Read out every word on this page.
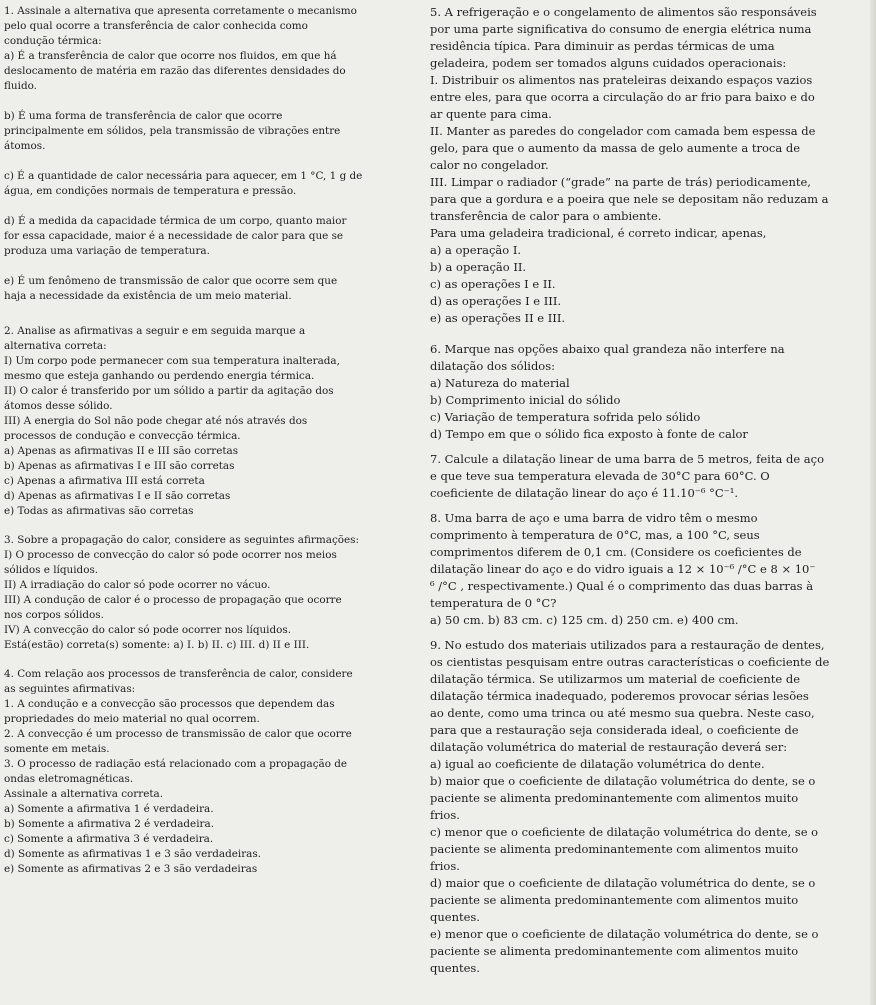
1. Assinale a alternativa que apresenta corretamente o mecanismo
pelo qual ocorre a transferência de calor conhecida como
condução térmica:
a) É a transferência de calor que ocorre nos fluidos, em que há
deslocamento de matéria em razão das diferentes densidades do
fluido.

b) É uma forma de transferência de calor que ocorre
principalmente em sólidos, pela transmissão de vibrações entre
átomos.

c) É a quantidade de calor necessária para aquecer, em 1 °C, 1 g de
água, em condições normais de temperatura e pressão.

d) É a medida da capacidade térmica de um corpo, quanto maior
for essa capacidade, maior é a necessidade de calor para que se
produza uma variação de temperatura.

e) É um fenômeno de transmissão de calor que ocorre sem que
haja a necessidade da existência de um meio material.
2. Analise as afirmativas a seguir e em seguida marque a
alternativa correta:
I) Um corpo pode permanecer com sua temperatura inalterada,
mesmo que esteja ganhando ou perdendo energia térmica.
II) O calor é transferido por um sólido a partir da agitação dos
átomos desse sólido.
III) A energia do Sol não pode chegar até nós através dos
processos de condução e convecção térmica.
a) Apenas as afirmativas II e III são corretas
b) Apenas as afirmativas I e III são corretas
c) Apenas a afirmativa III está correta
d) Apenas as afirmativas I e II são corretas
e) Todas as afirmativas são corretas
3. Sobre a propagação do calor, considere as seguintes afirmações:
I) O processo de convecção do calor só pode ocorrer nos meios
sólidos e líquidos.
II) A irradiação do calor só pode ocorrer no vácuo.
III) A condução de calor é o processo de propagação que ocorre
nos corpos sólidos.
IV) A convecção do calor só pode ocorrer nos líquidos.
Está(estão) correta(s) somente: a) I. b) II. c) III. d) II e III.
4. Com relação aos processos de transferência de calor, considere
as seguintes afirmativas:
1. A condução e a convecção são processos que dependem das
propriedades do meio material no qual ocorrem.
2. A convecção é um processo de transmissão de calor que ocorre
somente em metais.
3. O processo de radiação está relacionado com a propagação de
ondas eletromagnéticas.
Assinale a alternativa correta.
a) Somente a afirmativa 1 é verdadeira.
b) Somente a afirmativa 2 é verdadeira.
c) Somente a afirmativa 3 é verdadeira.
d) Somente as afirmativas 1 e 3 são verdadeiras.
e) Somente as afirmativas 2 e 3 são verdadeiras
5. A refrigeração e o congelamento de alimentos são responsáveis
por uma parte significativa do consumo de energia elétrica numa
residência típica. Para diminuir as perdas térmicas de uma
geladeira, podem ser tomados alguns cuidados operacionais:
I. Distribuir os alimentos nas prateleiras deixando espaços vazios
entre eles, para que ocorra a circulação do ar frio para baixo e do
ar quente para cima.
II. Manter as paredes do congelador com camada bem espessa de
gelo, para que o aumento da massa de gelo aumente a troca de
calor no congelador.
III. Limpar o radiador (“grade” na parte de trás) periodicamente,
para que a gordura e a poeira que nele se depositam não reduzam a
transferência de calor para o ambiente.
Para uma geladeira tradicional, é correto indicar, apenas,
a) a operação I.
b) a operação II.
c) as operações I e II.
d) as operações I e III.
e) as operações II e III.
6. Marque nas opções abaixo qual grandeza não interfere na
dilatação dos sólidos:
a) Natureza do material
b) Comprimento inicial do sólido
c) Variação de temperatura sofrida pelo sólido
d) Tempo em que o sólido fica exposto à fonte de calor
7. Calcule a dilatação linear de uma barra de 5 metros, feita de aço
e que teve sua temperatura elevada de 30°C para 60°C. O
coeficiente de dilatação linear do aço é 11.10⁻⁶ °C⁻¹.
8. Uma barra de aço e uma barra de vidro têm o mesmo
comprimento à temperatura de 0°C, mas, a 100 °C, seus
comprimentos diferem de 0,1 cm. (Considere os coeficientes de
dilatação linear do aço e do vidro iguais a 12 × 10⁻⁶ /°C e 8 × 10⁻
⁶ /°C , respectivamente.) Qual é o comprimento das duas barras à
temperatura de 0 °C?
a) 50 cm. b) 83 cm. c) 125 cm. d) 250 cm. e) 400 cm.
9. No estudo dos materiais utilizados para a restauração de dentes,
os cientistas pesquisam entre outras características o coeficiente de
dilatação térmica. Se utilizarmos um material de coeficiente de
dilatação térmica inadequado, poderemos provocar sérias lesões
ao dente, como uma trinca ou até mesmo sua quebra. Neste caso,
para que a restauração seja considerada ideal, o coeficiente de
dilatação volumétrica do material de restauração deverá ser:
a) igual ao coeficiente de dilatação volumétrica do dente.
b) maior que o coeficiente de dilatação volumétrica do dente, se o
paciente se alimenta predominantemente com alimentos muito
frios.
c) menor que o coeficiente de dilatação volumétrica do dente, se o
paciente se alimenta predominantemente com alimentos muito
frios.
d) maior que o coeficiente de dilatação volumétrica do dente, se o
paciente se alimenta predominantemente com alimentos muito
quentes.
e) menor que o coeficiente de dilatação volumétrica do dente, se o
paciente se alimenta predominantemente com alimentos muito
quentes.
